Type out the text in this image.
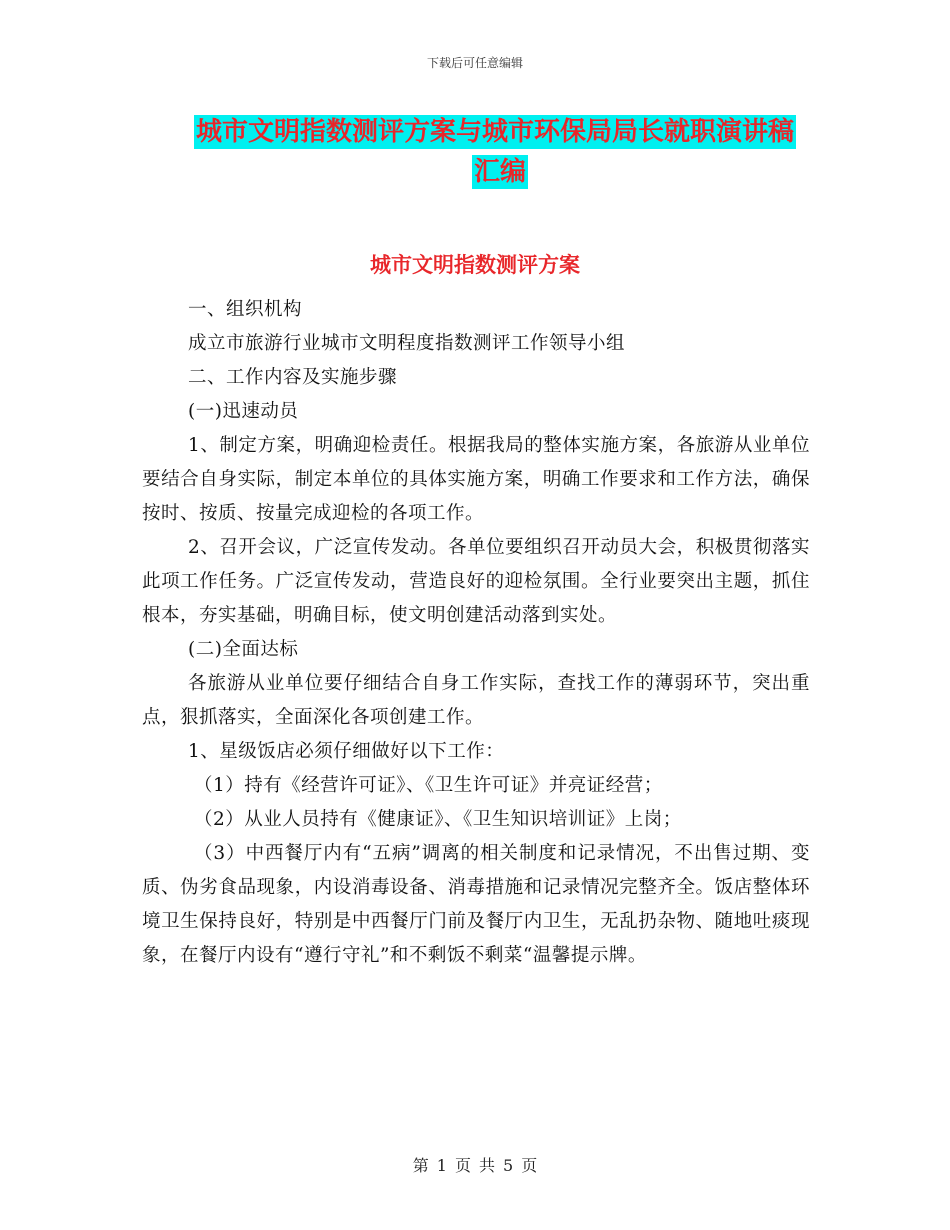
下载后可任意编辑
城市文明指数测评方案与城市环保局局长就职演讲稿
汇编
城市文明指数测评方案

一、组织机构

成立市旅游行业城市文明程度指数测评工作领导小组

二、工作内容及实施步骤

(一)迅速动员

1、制定方案，明确迎检责任。根据我局的整体实施方案，各旅游从业单位要结合自身实际，制定本单位的具体实施方案，明确工作要求和工作方法，确保按时、按质、按量完成迎检的各项工作。

2、召开会议，广泛宣传发动。各单位要组织召开动员大会，积极贯彻落实此项工作任务。广泛宣传发动，营造良好的迎检氛围。全行业要突出主题，抓住根本，夯实基础，明确目标，使文明创建活动落到实处。

(二)全面达标

各旅游从业单位要仔细结合自身工作实际，查找工作的薄弱环节，突出重点，狠抓落实，全面深化各项创建工作。

1、星级饭店必须仔细做好以下工作：

（1）持有《经营许可证》、《卫生许可证》并亮证经营；

（2）从业人员持有《健康证》、《卫生知识培训证》上岗；

（3）中西餐厅内有“五病”调离的相关制度和记录情况，不出售过期、变质、伪劣食品现象，内设消毒设备、消毒措施和记录情况完整齐全。饭店整体环境卫生保持良好，特别是中西餐厅门前及餐厅内卫生，无乱扔杂物、随地吐痰现象，在餐厅内设有“遵行守礼”和不剩饭不剩菜“温馨提示牌。

第 1 页 共 5 页
